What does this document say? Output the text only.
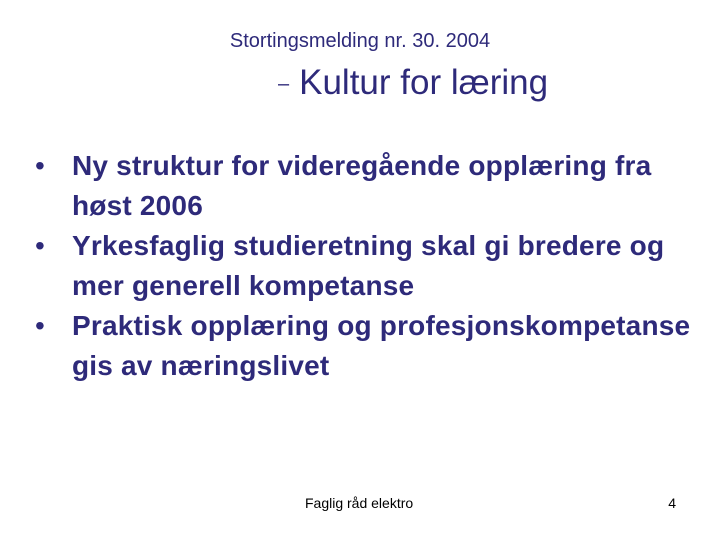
Stortingsmelding nr. 30. 2004
– Kultur for læring
• Ny struktur for videregående opplæring fra høst 2006
• Yrkesfaglig studieretning skal gi bredere og mer generell kompetanse
• Praktisk opplæring og profesjonskompetanse gis av næringslivet
Faglig råd elektro	4
